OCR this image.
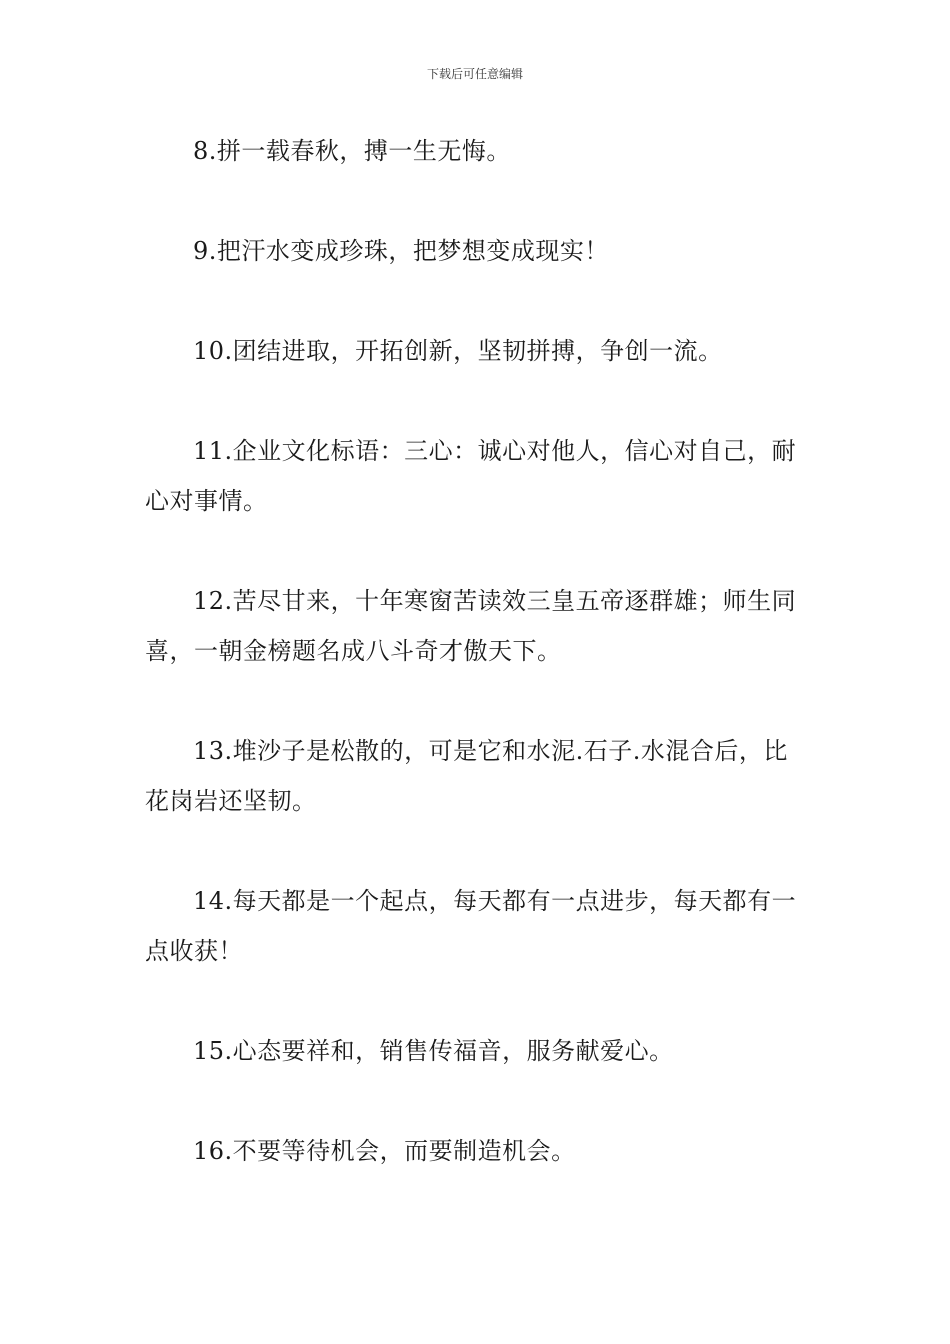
下载后可任意编辑

8.拼一载春秋，搏一生无悔。

9.把汗水变成珍珠，把梦想变成现实！

10.团结进取，开拓创新，坚韧拼搏，争创一流。

11.企业文化标语：三心：诚心对他人，信心对自己，耐心对事情。

12.苦尽甘来，十年寒窗苦读效三皇五帝逐群雄；师生同喜，一朝金榜题名成八斗奇才傲天下。

13.堆沙子是松散的，可是它和水泥.石子.水混合后，比花岗岩还坚韧。

14.每天都是一个起点，每天都有一点进步，每天都有一点收获！

15.心态要祥和，销售传福音，服务献爱心。

16.不要等待机会，而要制造机会。
